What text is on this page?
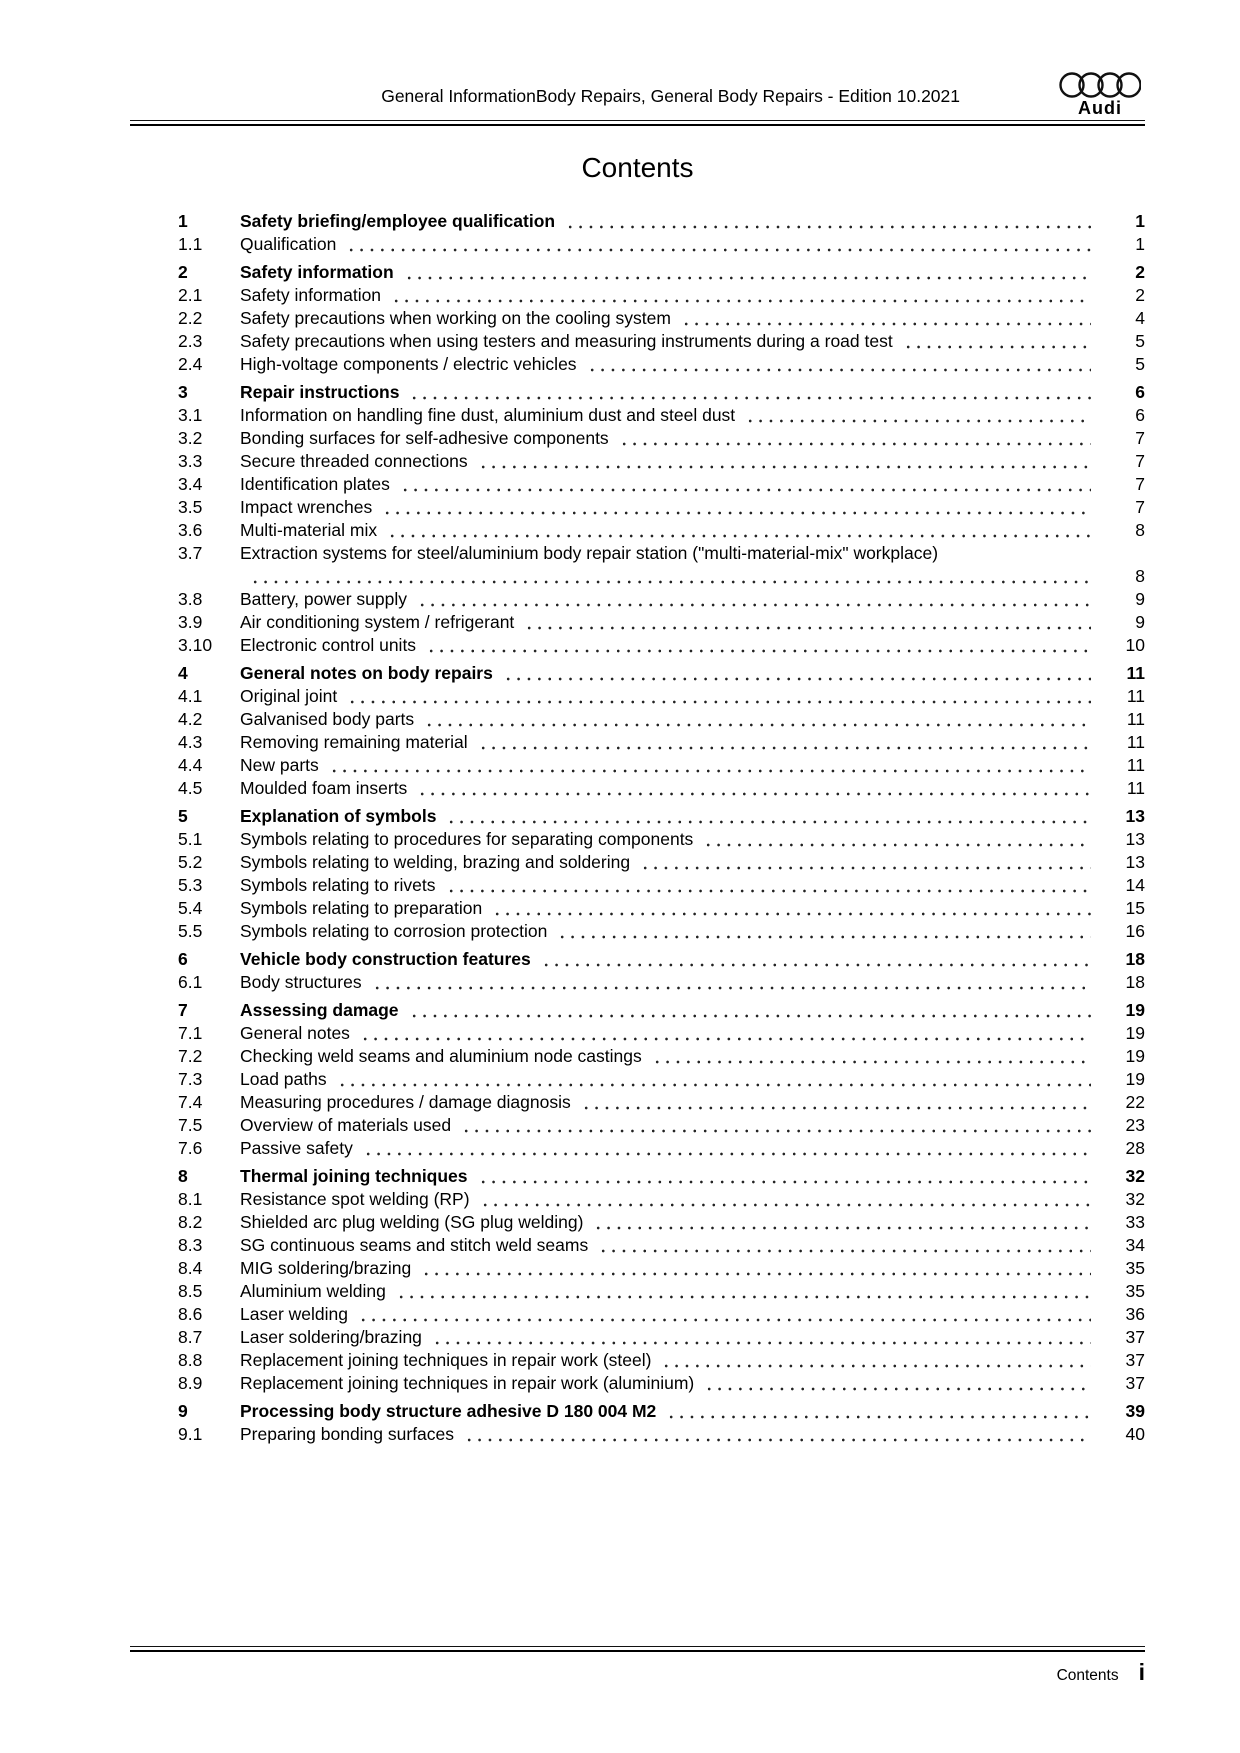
General InformationBody Repairs, General Body Repairs - Edition 10.2021
Audi
Contents
1	Safety briefing/employee qualification	1
1.1	Qualification	1
2	Safety information	2
2.1	Safety information	2
2.2	Safety precautions when working on the cooling system	4
2.3	Safety precautions when using testers and measuring instruments during a road test	5
2.4	High-voltage components / electric vehicles	5
3	Repair instructions	6
3.1	Information on handling fine dust, aluminium dust and steel dust	6
3.2	Bonding surfaces for self-adhesive components	7
3.3	Secure threaded connections	7
3.4	Identification plates	7
3.5	Impact wrenches	7
3.6	Multi-material mix	8
3.7	Extraction systems for steel/aluminium body repair station ("multi-material-mix" workplace)
8
3.8	Battery, power supply	9
3.9	Air conditioning system / refrigerant	9
3.10	Electronic control units	10
4	General notes on body repairs	11
4.1	Original joint	11
4.2	Galvanised body parts	11
4.3	Removing remaining material	11
4.4	New parts	11
4.5	Moulded foam inserts	11
5	Explanation of symbols	13
5.1	Symbols relating to procedures for separating components	13
5.2	Symbols relating to welding, brazing and soldering	13
5.3	Symbols relating to rivets	14
5.4	Symbols relating to preparation	15
5.5	Symbols relating to corrosion protection	16
6	Vehicle body construction features	18
6.1	Body structures	18
7	Assessing damage	19
7.1	General notes	19
7.2	Checking weld seams and aluminium node castings	19
7.3	Load paths	19
7.4	Measuring procedures / damage diagnosis	22
7.5	Overview of materials used	23
7.6	Passive safety	28
8	Thermal joining techniques	32
8.1	Resistance spot welding (RP)	32
8.2	Shielded arc plug welding (SG plug welding)	33
8.3	SG continuous seams and stitch weld seams	34
8.4	MIG soldering/brazing	35
8.5	Aluminium welding	35
8.6	Laser welding	36
8.7	Laser soldering/brazing	37
8.8	Replacement joining techniques in repair work (steel)	37
8.9	Replacement joining techniques in repair work (aluminium)	37
9	Processing body structure adhesive D 180 004 M2	39
9.1	Preparing bonding surfaces	40
Contents i
